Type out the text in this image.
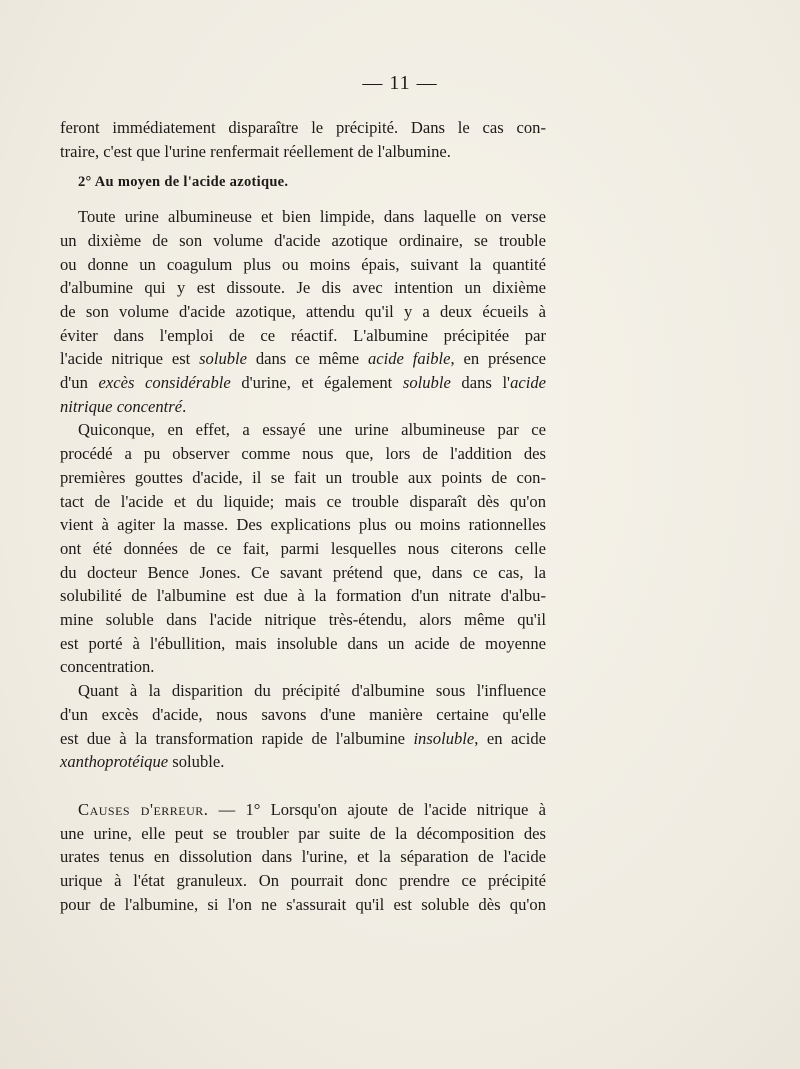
— 11 —

feront immédiatement disparaître le précipité. Dans le cas con-

traire, c'est que l'urine renfermait réellement de l'albumine.

2° Au moyen de l'acide azotique.

Toute urine albumineuse et bien limpide, dans laquelle on verse

un dixième de son volume d'acide azotique ordinaire, se trouble

ou donne un coagulum plus ou moins épais, suivant la quantité

d'albumine qui y est dissoute. Je dis avec intention un dixième

de son volume d'acide azotique, attendu qu'il y a deux écueils à

éviter dans l'emploi de ce réactif. L'albumine précipitée par

l'acide nitrique est soluble dans ce même acide faible, en présence

d'un excès considérable d'urine, et également soluble dans l'acide

nitrique concentré.

Quiconque, en effet, a essayé une urine albumineuse par ce

procédé a pu observer comme nous que, lors de l'addition des

premières gouttes d'acide, il se fait un trouble aux points de con-

tact de l'acide et du liquide; mais ce trouble disparaît dès qu'on

vient à agiter la masse. Des explications plus ou moins rationnelles

ont été données de ce fait, parmi lesquelles nous citerons celle

du docteur Bence Jones. Ce savant prétend que, dans ce cas, la

solubilité de l'albumine est due à la formation d'un nitrate d'albu-

mine soluble dans l'acide nitrique très-étendu, alors même qu'il

est porté à l'ébullition, mais insoluble dans un acide de moyenne

concentration.

Quant à la disparition du précipité d'albumine sous l'influence

d'un excès d'acide, nous savons d'une manière certaine qu'elle

est due à la transformation rapide de l'albumine insoluble, en acide

xanthoprotéique soluble.

Causes d'erreur. — 1° Lorsqu'on ajoute de l'acide nitrique à

une urine, elle peut se troubler par suite de la décomposition des

urates tenus en dissolution dans l'urine, et la séparation de l'acide

urique à l'état granuleux. On pourrait donc prendre ce précipité

pour de l'albumine, si l'on ne s'assurait qu'il est soluble dès qu'on
